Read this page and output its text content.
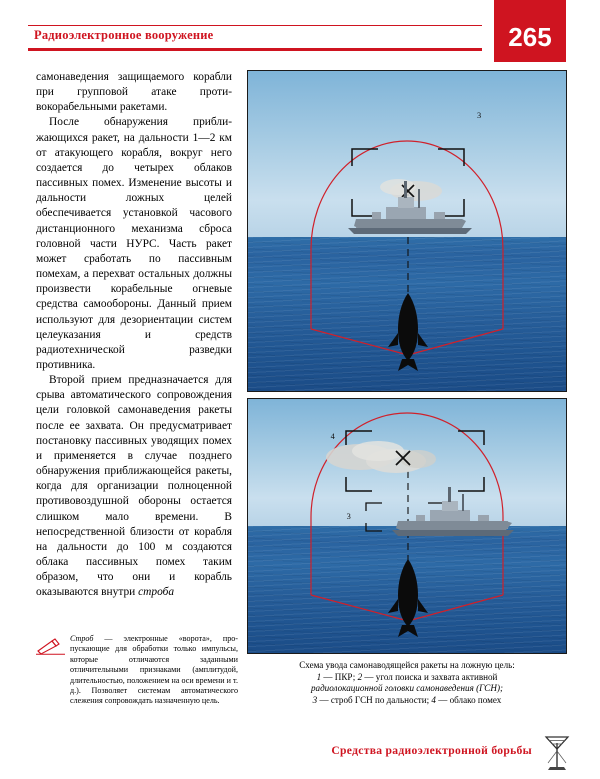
Радиоэлектронное вооружение	265

самонаведения защищаемого корабли при групповой атаке противокорабельными ракетами.

После обнаружения приближающихся ракет, на дальности 1—2 км от атакующего корабля, вокруг него создается до четырех облаков пассивных помех. Изменение высоты и дальности ложных целей обеспечивается установкой часового дистанционного механизма сброса головной части НУРС. Часть ракет может сработать по пассивным помехам, а перехват остальных должны произвести корабельные огневые средства самообороны. Данный прием используют для дезориентации систем целеуказания и средств радиотехнической разведки противника.

Второй прием предназначается для срыва автоматического сопровождения цели головкой самонаведения ракеты после ее захвата. Он предусматривает постановку пассивных уводящих помех и применяется в случае позднего обнаружения приближающейся ракеты, когда для организации полноценной противовоздушной обороны остается слишком мало времени. В непосредственной близости от корабля на дальности до 100 м создаются облака пассивных помех таким образом, что они и корабль оказываются внутри строба

Строб — электронные «ворота», пропускающие для обработки только импульсы, которые отличаются заданными отличительными признаками (амплитудой, длительностью, положением на оси времени и т. д.). Позволяет системам автоматического слежения сопровождать назначенную цель.
3
4
3
Схема увода самонаводящейся ракеты на ложную цель:
1 — ПКР; 2 — угол поиска и захвата активной
радиолокационной головки самонаведения (ГСН);
3 — строб ГСН по дальности; 4 — облако помех
Средства радиоэлектронной борьбы
